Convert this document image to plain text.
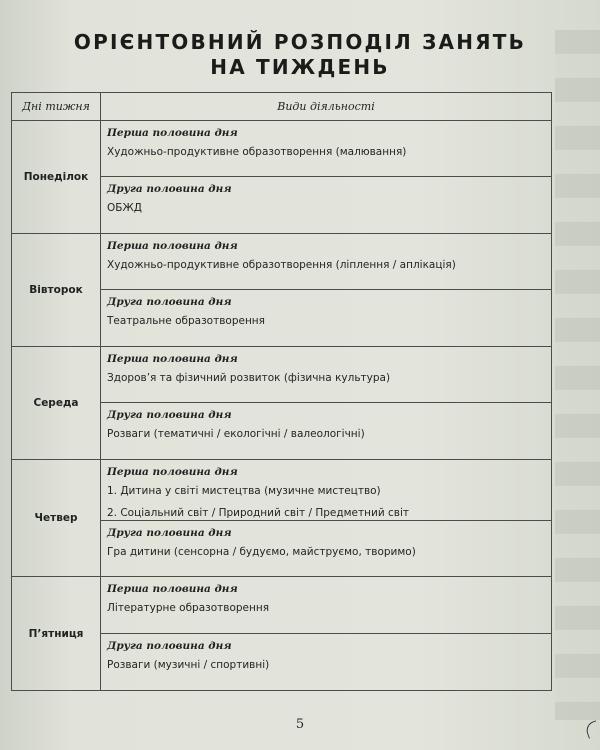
ОРІЄНТОВНИЙ РОЗПОДІЛ ЗАНЯТЬ
НА ТИЖДЕНЬ
Дні тижня	Види діяльності
Понеділок	Перша половина дня
Художньо-продуктивне образотворення (малювання)

	Друга половина дня
ОБЖД

Вівторок	Перша половина дня
Художньо-продуктивне образотворення (ліплення / аплікація)

	Друга половина дня
Театральне образотворення

Середа	Перша половина дня
Здоров’я та фізичний розвиток (фізична культура)

	Друга половина дня
Розваги (тематичні / екологічні / валеологічні)

Четвер	Перша половина дня
1. Дитина у світі мистецтва (музичне мистецтво)
2. Соціальний світ / Природний світ / Предметний світ

	Друга половина дня
Гра дитини (сенсорна / будуємо, майструємо, творимо)

П’ятниця	Перша половина дня
Літературне образотворення

	Друга половина дня
Розваги (музичні / спортивні)
5
